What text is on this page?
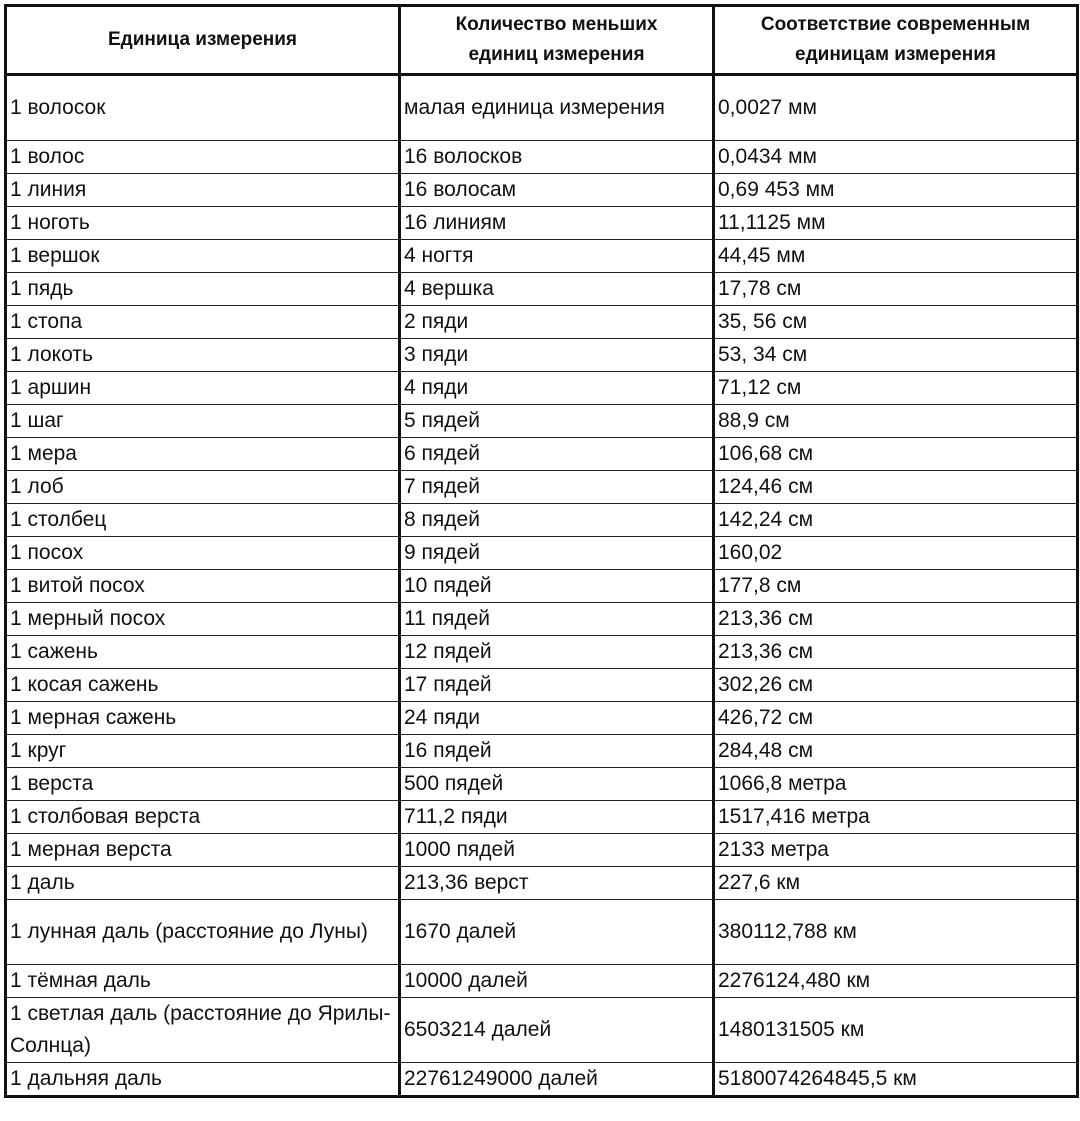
Единица измерения	Количество меньших единиц измерения	Соответствие современным единицам измерения
1 волосок	малая единица измерения	0,0027 мм
1 волос	16 волосков	0,0434 мм
1 линия	16 волосам	0,69 453 мм
1 ноготь	16 линиям	11,1125 мм
1 вершок	4 ногтя	44,45 мм
1 пядь	4 вершка	17,78 см
1 стопа	2 пяди	35, 56 см
1 локоть	3 пяди	53, 34 см
1 аршин	4 пяди	71,12 см
1 шаг	5 пядей	88,9 см
1 мера	6 пядей	106,68 см
1 лоб	7 пядей	124,46 см
1 столбец	8 пядей	142,24 см
1 посох	9 пядей	160,02
1 витой посох	10 пядей	177,8 см
1 мерный посох	11 пядей	213,36 см
1 сажень	12 пядей	213,36 см
1 косая сажень	17 пядей	302,26 см
1 мерная сажень	24 пяди	426,72 см
1 круг	16 пядей	284,48 см
1 верста	500 пядей	1066,8 метра
1 столбовая верста	711,2 пяди	1517,416 метра
1 мерная верста	1000 пядей	2133 метра
1 даль	213,36 верст	227,6 км
1 лунная даль (расстояние до Луны)	1670 далей	380112,788 км
1 тёмная даль	10000 далей	2276124,480 км
1 светлая даль (расстояние до Ярилы-Солнца)	6503214 далей	1480131505 км
1 дальняя даль	22761249000 далей	5180074264845,5 км
